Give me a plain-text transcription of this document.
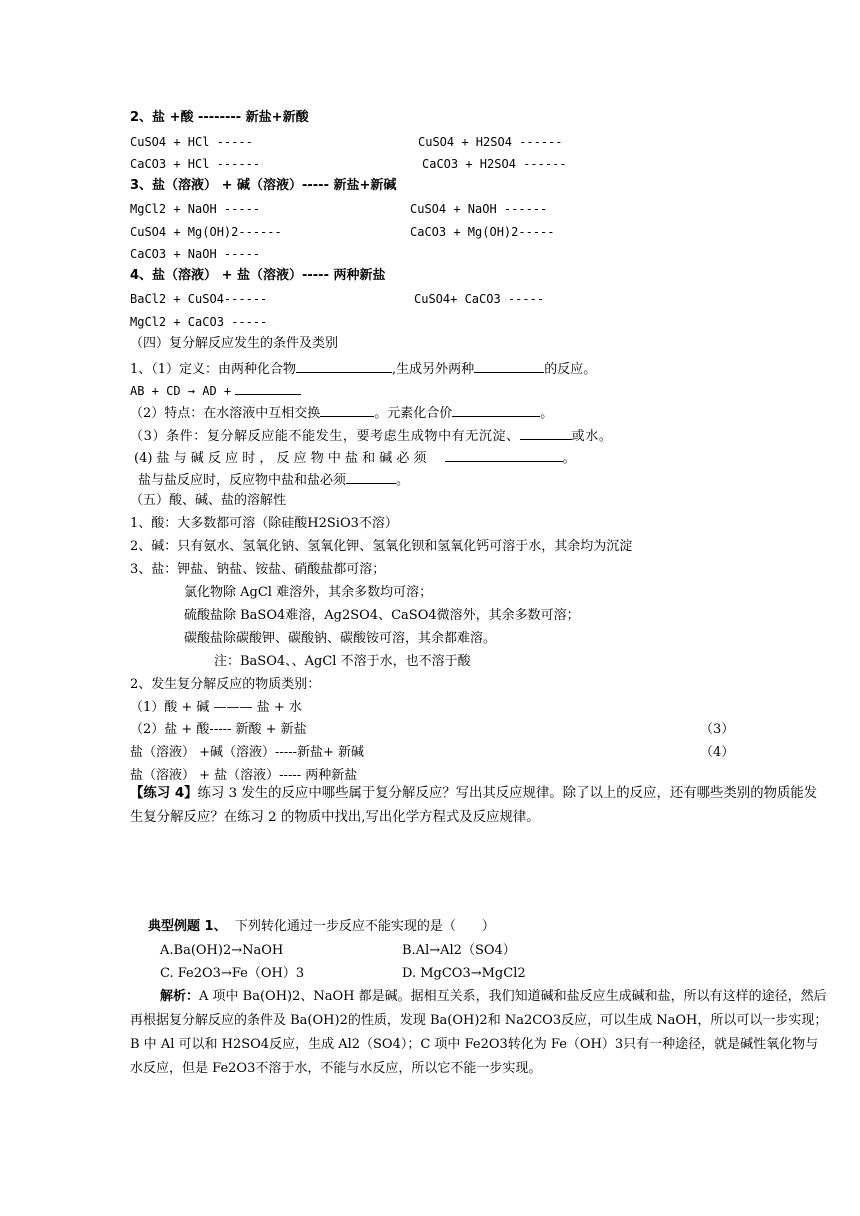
2、盐 +酸 -------- 新盐+新酸
CuSO4 + HCl -----	CuSO4 + H2SO4 ------
CaCO3 + HCl ------	CaCO3 + H2SO4 ------
3、盐（溶液） + 碱（溶液）----- 新盐+新碱
MgCl2 + NaOH -----	CuSO4 + NaOH ------
CuSO4 + Mg(OH)2------	CaCO3 + Mg(OH)2-----
CaCO3 + NaOH -----
4、盐（溶液） + 盐（溶液）----- 两种新盐
BaCl2 + CuSO4------	CuSO4+ CaCO3 -----
MgCl2 + CaCO3 -----
（四）复分解反应发生的条件及类别
1、（1）定义：由两种化合物	,生成另外两种	的反应。
AB + CD → AD +
（2）特点：在水溶液中互相交换	。元素化合价	。
（3）条件：复分解反应能不能发生，要考虑生成物中有无沉淀、	或水。
(4) 盐 与 碱 反 应 时 ， 反 应 物 中 盐 和 碱 必 须	。
盐与盐反应时，反应物中盐和盐必须	。
（五）酸、碱、盐的溶解性
1、酸：大多数都可溶（除硅酸H2SiO3不溶）
2、碱：只有氨水、氢氧化钠、氢氧化钾、氢氧化钡和氢氧化钙可溶于水，其余均为沉淀
3、盐：钾盐、钠盐、铵盐、硝酸盐都可溶；
氯化物除 AgCl 难溶外，其余多数均可溶；
硫酸盐除 BaSO4难溶，Ag2SO4、CaSO4微溶外，其余多数可溶；
碳酸盐除碳酸钾、碳酸钠、碳酸铵可溶，其余都难溶。
注：BaSO4、、AgCl 不溶于水，也不溶于酸
2、发生复分解反应的物质类别：
（1）酸 + 碱 ——— 盐 + 水
（2）盐 + 酸----- 新酸 + 新盐	（3）
盐（溶液） +碱（溶液）-----新盐+ 新碱	（4）
盐（溶液） + 盐（溶液）----- 两种新盐
【练习 4】练习 3 发生的反应中哪些属于复分解反应？写出其反应规律。除了以上的反应，还有哪些类别的物质能发生复分解反应？在练习 2 的物质中找出,写出化学方程式及反应规律。
典型例题 1、 下列转化通过一步反应不能实现的是（　　）
A.Ba(OH)2→NaOH	B.Al→Al2（SO4）
C. Fe2O3→Fe（OH）3	D. MgCO3→MgCl2
解析：A 项中 Ba(OH)2、NaOH 都是碱。据相互关系，我们知道碱和盐反应生成碱和盐，所以有这样的途径，然后再根据复分解反应的条件及 Ba(OH)2的性质，发现 Ba(OH)2和 Na2CO3反应，可以生成 NaOH，所以可以一步实现；B 中 Al 可以和 H2SO4反应，生成 Al2（SO4）；C 项中 Fe2O3转化为 Fe（OH）3只有一种途径，就是碱性氧化物与水反应，但是 Fe2O3不溶于水，不能与水反应，所以它不能一步实现。
